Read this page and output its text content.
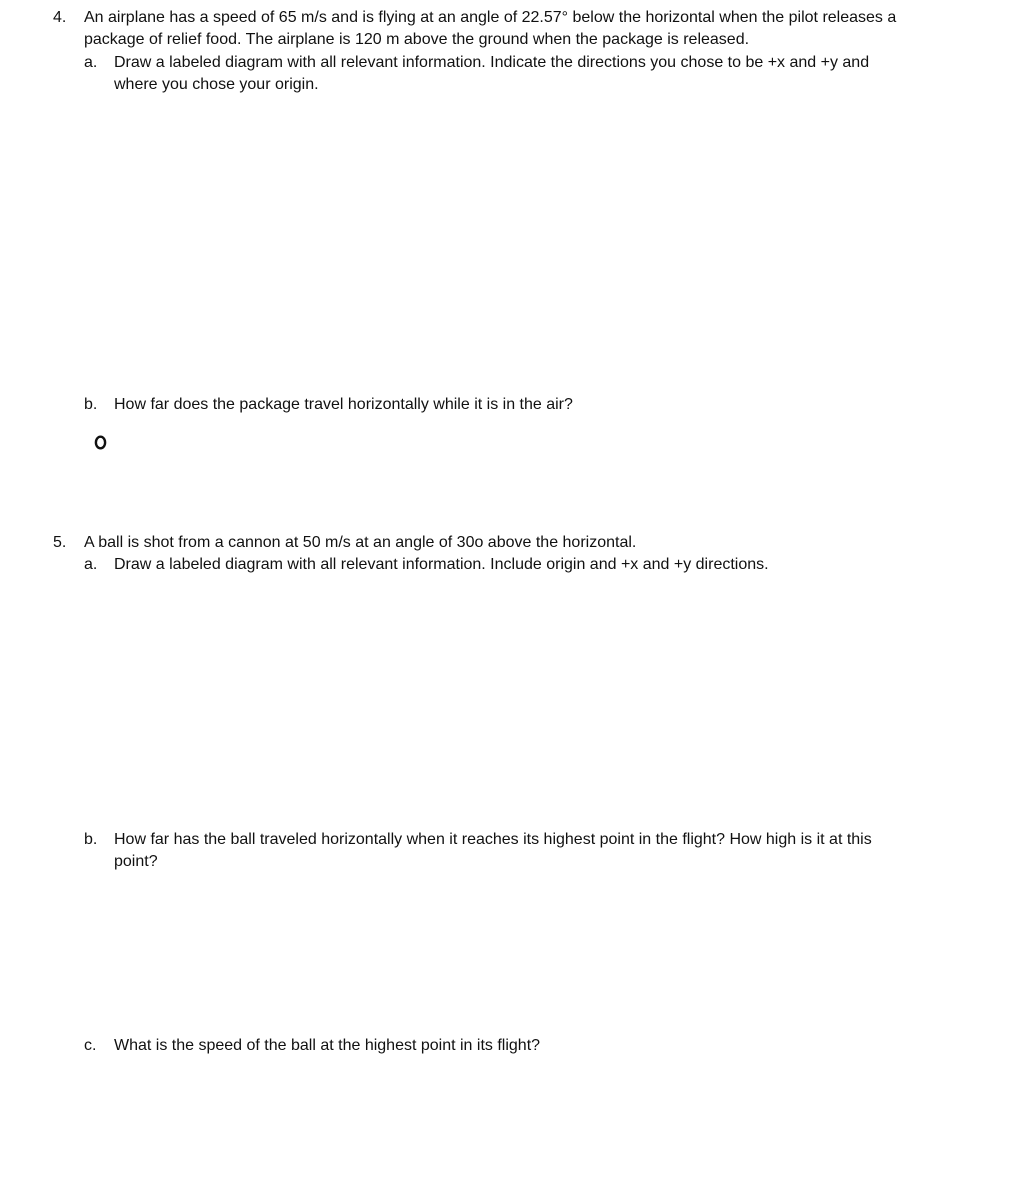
4. An airplane has a speed of 65 m/s and is flying at an angle of 22.57° below the horizontal when the pilot releases a
package of relief food. The airplane is 120 m above the ground when the package is released.
a. Draw a labeled diagram with all relevant information. Indicate the directions you chose to be +x and +y and
where you chose your origin.
b. How far does the package travel horizontally while it is in the air?
5. A ball is shot from a cannon at 50 m/s at an angle of 30o above the horizontal.
a. Draw a labeled diagram with all relevant information. Include origin and +x and +y directions.
b. How far has the ball traveled horizontally when it reaches its highest point in the flight? How high is it at this
point?
c. What is the speed of the ball at the highest point in its flight?
